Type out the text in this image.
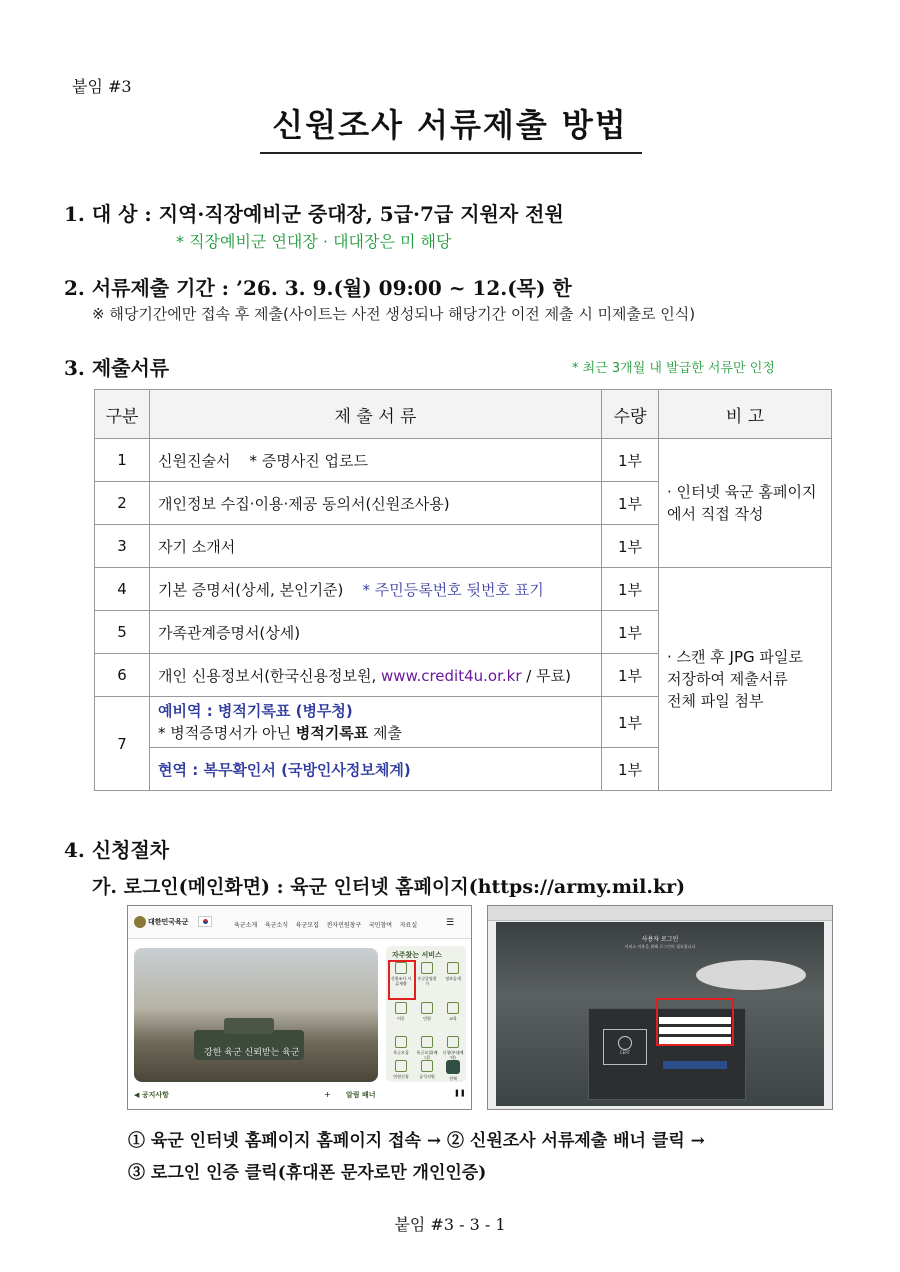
붙임 #3
신원조사 서류제출 방법
1. 대 상 : 지역·직장예비군 중대장, 5급·7급 지원자 전원
* 직장예비군 연대장 · 대대장은 미 해당
2. 서류제출 기간 : ’26. 3. 9.(월) 09:00 ~ 12.(목) 한
※ 해당기간에만 접속 후 제출(사이트는 사전 생성되나 해당기간 이전 제출 시 미제출로 인식)
3. 제출서류	* 최근 3개월 내 발급한 서류만 인정
구분	제 출 서 류	수량	비 고
1	신원진술서 * 증명사진 업로드	1부	· 인터넷 육군 홈페이지
에서 직접 작성
2	개인정보 수집·이용·제공 동의서(신원조사용)	1부	
3	자기 소개서	1부	
4	기본 증명서(상세, 본인기준) * 주민등록번호 뒷번호 표기	1부	· 스캔 후 JPG 파일로
저장하여 제출서류
전체 파일 첨부
5	가족관계증명서(상세)	1부	
6	개인 신용정보서(한국신용정보원, www.credit4u.or.kr / 무료)	1부	
7	예비역 : 병적기록표 (병무청)
* 병적증명서가 아닌 병적기록표 제출	1부	
	현역 : 복무확인서 (국방인사정보체계)	1부	
4. 신청절차
가. 로그인(메인화면) : 육군 인터넷 홈페이지(https://army.mil.kr)
대한민국육군	육군소개 육군소식 육군모집 전자민원창구 국민참여 자료실	☰
강한 육군 신뢰받는 육군
자주찾는 서비스
신원조사 서류제출
우군증명찾기
정보공개
이동	민원	교육
육군모집	육군모집(배너)
신청(부대예약)
민원신청	공식지원	전체
◀ 공지사항	+ 알림 배너	❚❚
사용자 로그인
서비스 이용을 위해 로그인이 필요합니다
CERT
① 육군 인터넷 홈페이지 홈페이지 접속 → ② 신원조사 서류제출 배너 클릭 →
③ 로그인 인증 클릭(휴대폰 문자로만 개인인증)
붙임 #3 - 3 - 1
